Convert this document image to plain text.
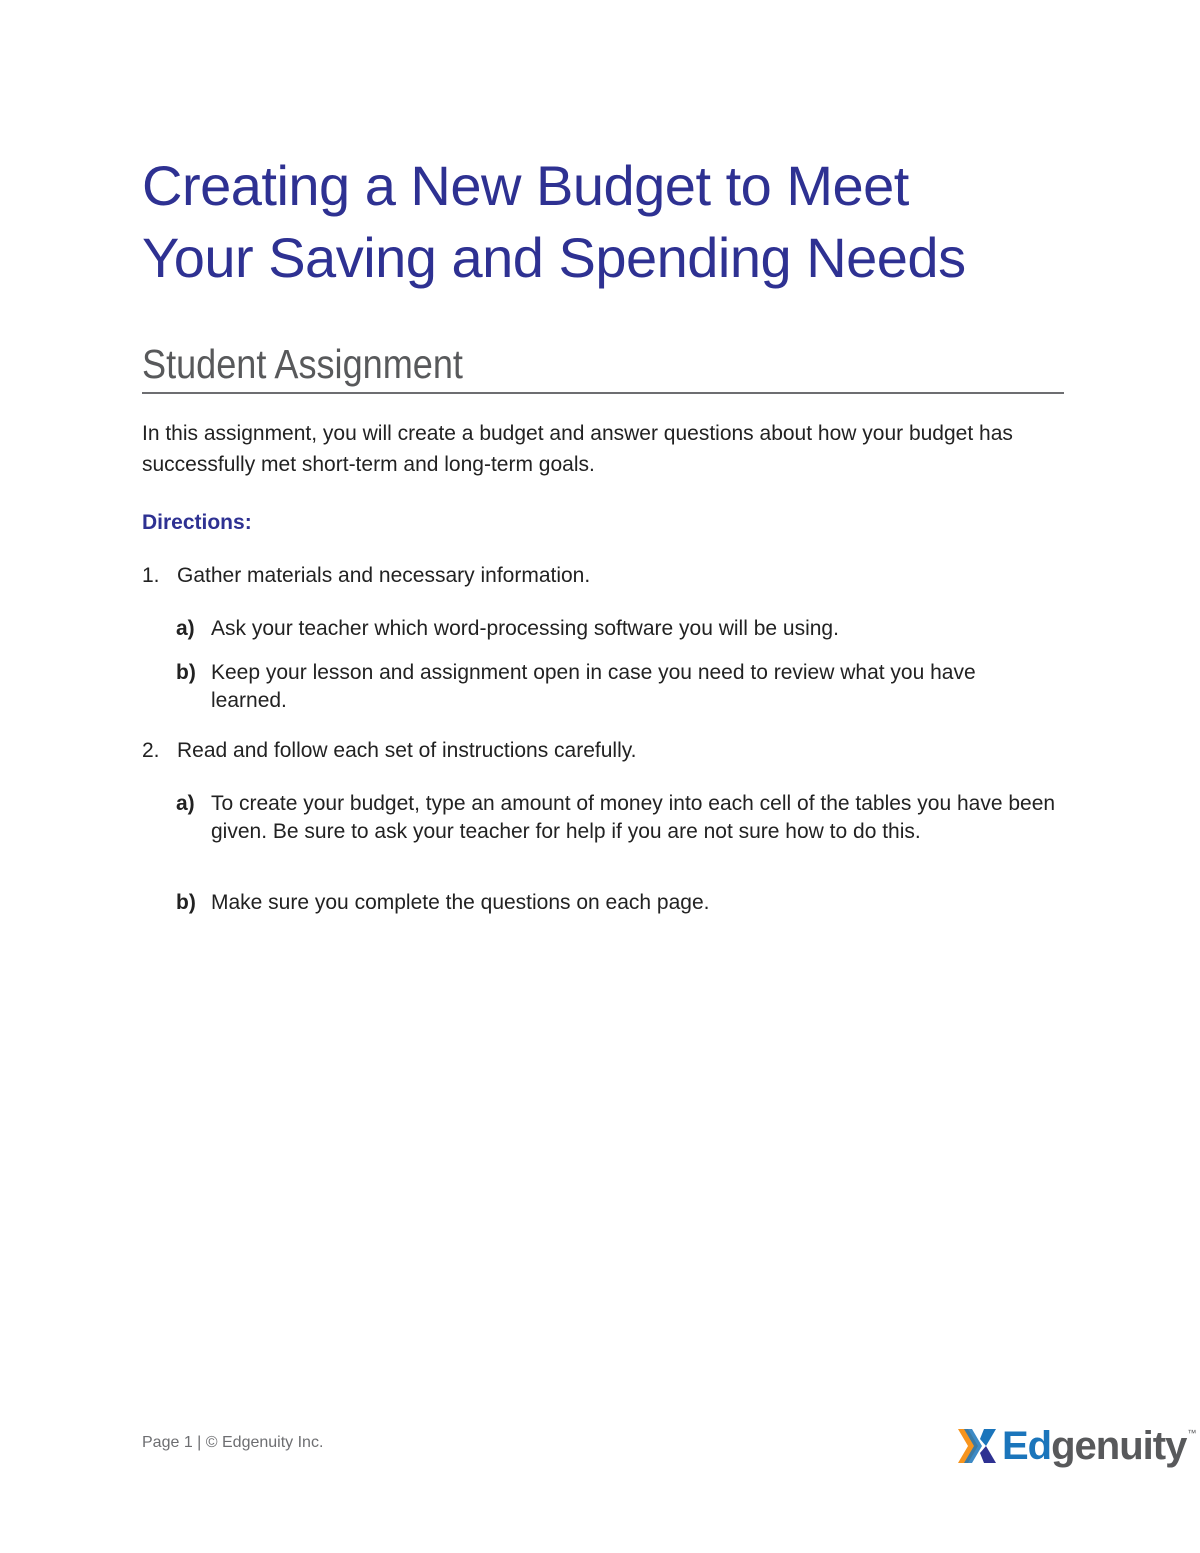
Creating a New Budget to Meet
Your Saving and Spending Needs
Student Assignment

In this assignment, you will create a budget and answer questions about how your budget has successfully met short-term and long-term goals.

Directions:

1. Gather materials and necessary information.
a) Ask your teacher which word-processing software you will be using.
b) Keep your lesson and assignment open in case you need to review what you have learned.
2. Read and follow each set of instructions carefully.
a) To create your budget, type an amount of money into each cell of the tables you have been given. Be sure to ask your teacher for help if you are not sure how to do this.
b) Make sure you complete the questions on each page.
Page 1 | © Edgenuity Inc.	Edgenuity ™
